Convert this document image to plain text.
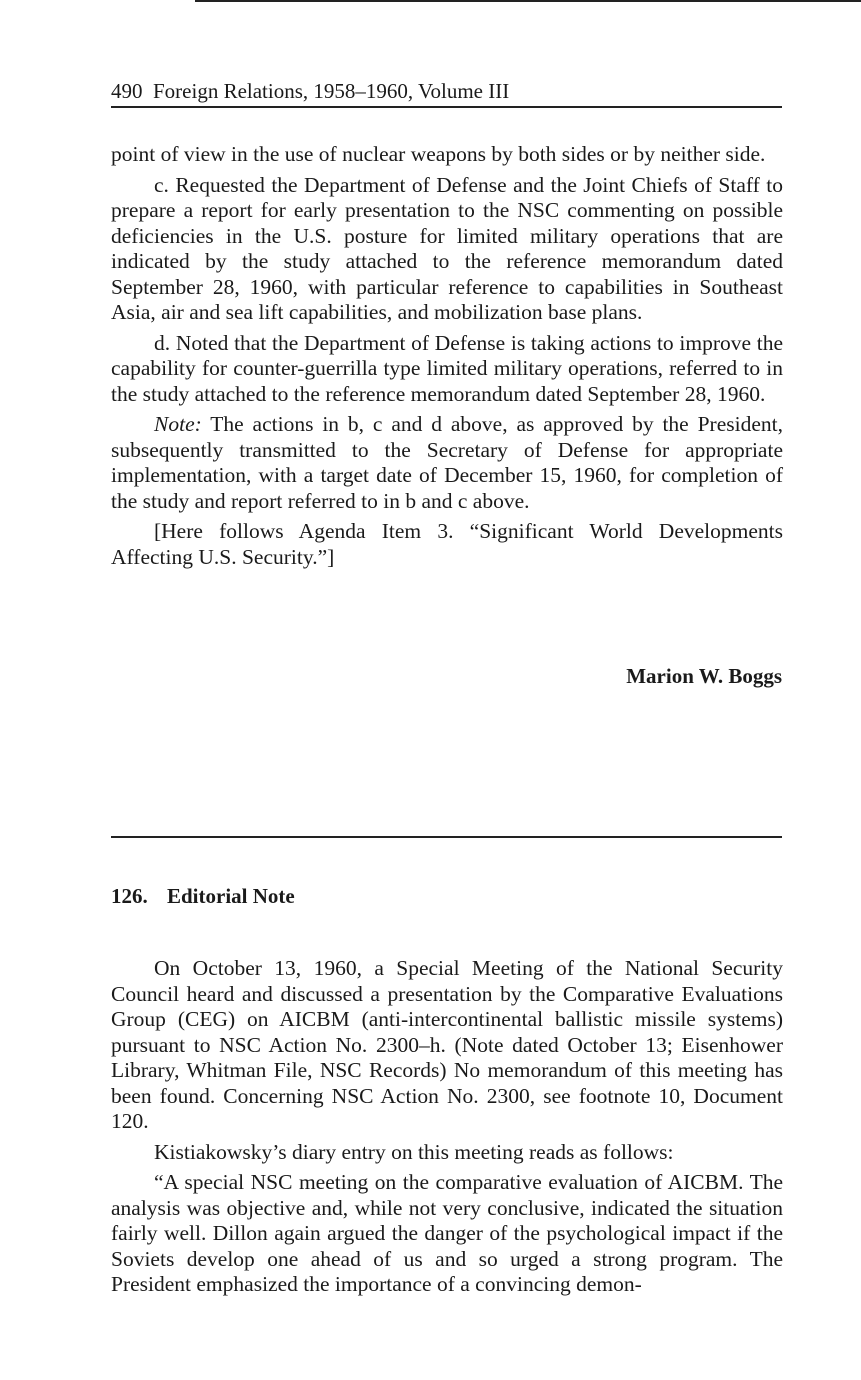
490 Foreign Relations, 1958–1960, Volume III

point of view in the use of nuclear weapons by both sides or by neither side.

c. Requested the Department of Defense and the Joint Chiefs of Staff to prepare a report for early presentation to the NSC commenting on possible deficiencies in the U.S. posture for limited military operations that are indicated by the study attached to the reference memorandum dated September 28, 1960, with particular reference to capabilities in Southeast Asia, air and sea lift capabilities, and mobilization base plans.

d. Noted that the Department of Defense is taking actions to improve the capability for counter-guerrilla type limited military operations, referred to in the study attached to the reference memorandum dated September 28, 1960.

Note: The actions in b, c and d above, as approved by the President, subsequently transmitted to the Secretary of Defense for appropriate implementation, with a target date of December 15, 1960, for completion of the study and report referred to in b and c above.

[Here follows Agenda Item 3. “Significant World Developments Affecting U.S. Security.”]

Marion W. Boggs
126. Editorial Note

On October 13, 1960, a Special Meeting of the National Security Council heard and discussed a presentation by the Comparative Evaluations Group (CEG) on AICBM (anti-intercontinental ballistic missile systems) pursuant to NSC Action No. 2300–h. (Note dated October 13; Eisenhower Library, Whitman File, NSC Records) No memorandum of this meeting has been found. Concerning NSC Action No. 2300, see footnote 10, Document 120.

Kistiakowsky’s diary entry on this meeting reads as follows:

“A special NSC meeting on the comparative evaluation of AICBM. The analysis was objective and, while not very conclusive, indicated the situation fairly well. Dillon again argued the danger of the psychological impact if the Soviets develop one ahead of us and so urged a strong program. The President emphasized the importance of a convincing demon-
